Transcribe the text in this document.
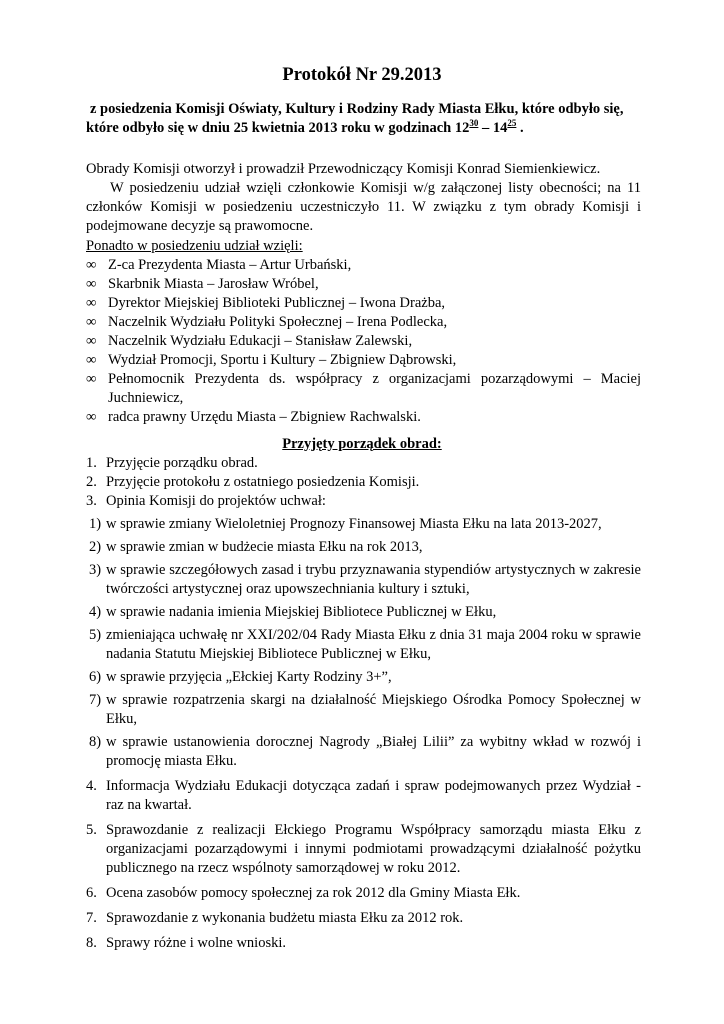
Protokół Nr 29.2013
z posiedzenia Komisji Oświaty, Kultury i Rodziny Rady Miasta Ełku, które odbyło się,
które odbyło się w dniu 25 kwietnia 2013 roku w godzinach $12^{30} - 14^{25}$ .

Obrady Komisji otworzył i prowadził Przewodniczący Komisji Konrad Siemienkiewicz.

W posiedzeniu udział wzięli członkowie Komisji w/g załączonej listy obecności; na 11 członków Komisji w posiedzeniu uczestniczyło 11. W związku z tym obrady Komisji i podejmowane decyzje są prawomocne.

Ponadto w posiedzeniu udział wzięli:
∞ Z-ca Prezydenta Miasta – Artur Urbański,
∞ Skarbnik Miasta – Jarosław Wróbel,
∞ Dyrektor Miejskiej Biblioteki Publicznej – Iwona Drażba,
∞ Naczelnik Wydziału Polityki Społecznej – Irena Podlecka,
∞ Naczelnik Wydziału Edukacji – Stanisław Zalewski,
∞ Wydział Promocji, Sportu i Kultury – Zbigniew Dąbrowski,
∞ Pełnomocnik Prezydenta ds. współpracy z organizacjami pozarządowymi – Maciej Juchniewicz,
∞ radca prawny Urzędu Miasta – Zbigniew Rachwalski.
Przyjęty porządek obrad:
1. Przyjęcie porządku obrad.
2. Przyjęcie protokołu z ostatniego posiedzenia Komisji.
3. Opinia Komisji do projektów uchwał:
1) w sprawie zmiany Wieloletniej Prognozy Finansowej Miasta Ełku na lata 2013-2027,
2) w sprawie zmian w budżecie miasta Ełku na rok 2013,
3) w sprawie szczegółowych zasad i trybu przyznawania stypendiów artystycznych w zakresie twórczości artystycznej oraz upowszechniania kultury i sztuki,
4) w sprawie nadania imienia Miejskiej Bibliotece Publicznej w Ełku,
5) zmieniająca uchwałę nr XXI/202/04 Rady Miasta Ełku z dnia 31 maja 2004 roku w sprawie nadania Statutu Miejskiej Bibliotece Publicznej w Ełku,
6) w sprawie przyjęcia „Ełckiej Karty Rodziny 3+”,
7) w sprawie rozpatrzenia skargi na działalność Miejskiego Ośrodka Pomocy Społecznej w Ełku,
8) w sprawie ustanowienia dorocznej Nagrody „Białej Lilii” za wybitny wkład w rozwój i promocję miasta Ełku.
4. Informacja Wydziału Edukacji dotycząca zadań i spraw podejmowanych przez Wydział - raz na kwartał.
5. Sprawozdanie z realizacji Ełckiego Programu Współpracy samorządu miasta Ełku z organizacjami pozarządowymi i innymi podmiotami prowadzącymi działalność pożytku publicznego na rzecz wspólnoty samorządowej w roku 2012.
6. Ocena zasobów pomocy społecznej za rok 2012 dla Gminy Miasta Ełk.
7. Sprawozdanie z wykonania budżetu miasta Ełku za 2012 rok.
8. Sprawy różne i wolne wnioski.
